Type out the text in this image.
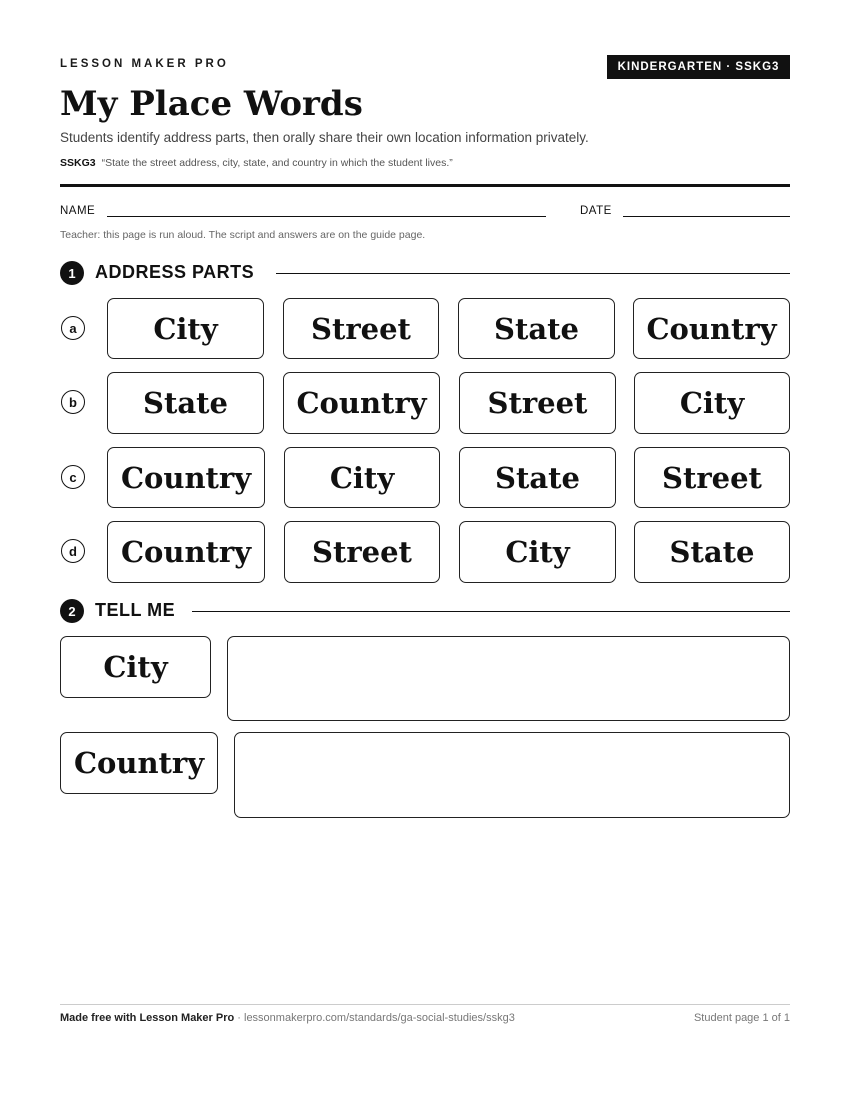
LESSON MAKER PRO	KINDERGARTEN · SSKG3
My Place Words
Students identify address parts, then orally share their own location information privately.
SSKG3 “State the street address, city, state, and country in which the student lives.”
NAME	DATE
Teacher: this page is run aloud. The script and answers are on the guide page.
1	ADDRESS PARTS
a	City	Street	State	Country
b	State	Country	Street	City
c	Country	City	State	Street
d	Country	Street	City	State
2	TELL ME
City
Country
Made free with Lesson Maker Pro · lessonmakerpro.com/standards/ga-social-studies/sskg3	Student page 1 of 1
